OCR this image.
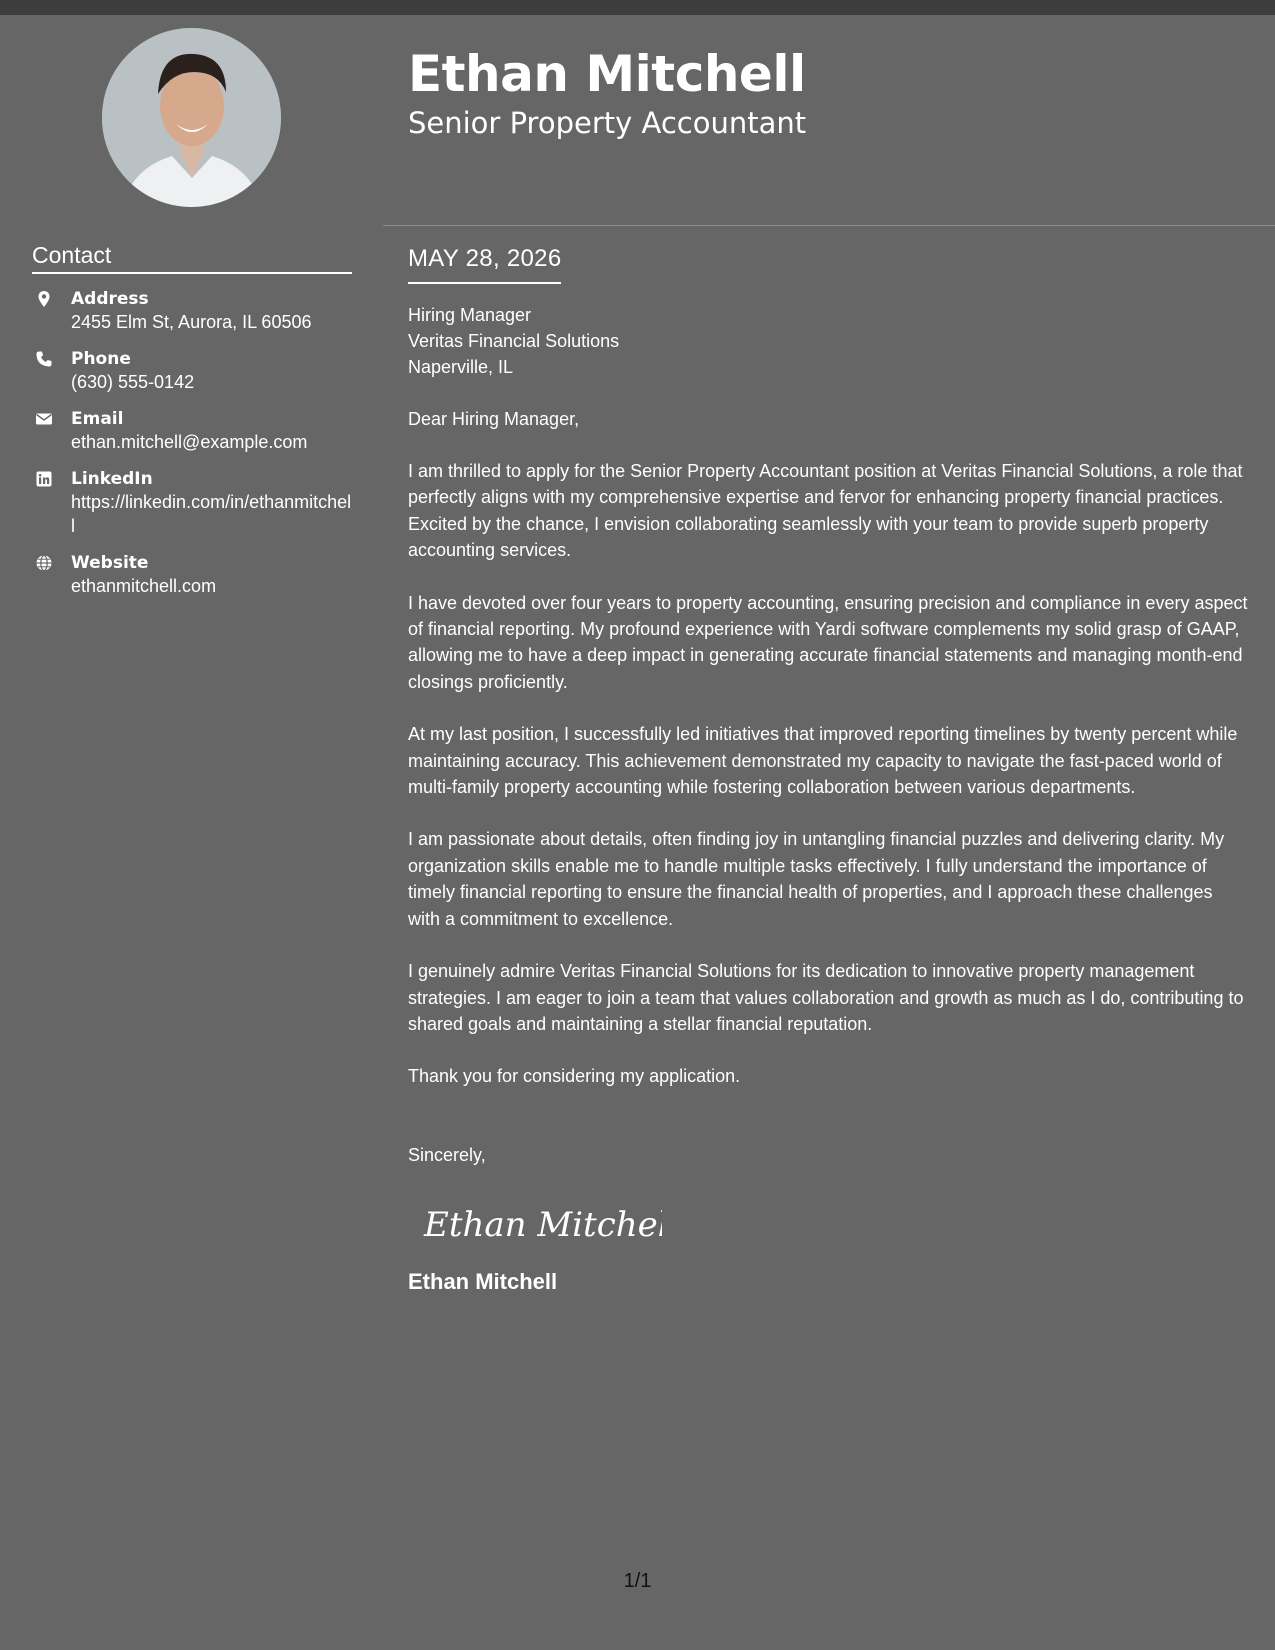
Ethan Mitchell
Senior Property Accountant
Contact
Address
2455 Elm St, Aurora, IL 60506
Phone
(630) 555-0142
Email
ethan.mitchell@example.com
LinkedIn
https://linkedin.com/in/ethanmitchell
Website
ethanmitchell.com
MAY 28, 2026
Hiring Manager
Veritas Financial Solutions
Naperville, IL
Dear Hiring Manager,
I am thrilled to apply for the Senior Property Accountant position at Veritas Financial Solutions, a role that perfectly aligns with my comprehensive expertise and fervor for enhancing property financial practices. Excited by the chance, I envision collaborating seamlessly with your team to provide superb property accounting services.
I have devoted over four years to property accounting, ensuring precision and compliance in every aspect of financial reporting. My profound experience with Yardi software complements my solid grasp of GAAP, allowing me to have a deep impact in generating accurate financial statements and managing month-end closings proficiently.
At my last position, I successfully led initiatives that improved reporting timelines by twenty percent while maintaining accuracy. This achievement demonstrated my capacity to navigate the fast-paced world of multi-family property accounting while fostering collaboration between various departments.
I am passionate about details, often finding joy in untangling financial puzzles and delivering clarity. My organization skills enable me to handle multiple tasks effectively. I fully understand the importance of timely financial reporting to ensure the financial health of properties, and I approach these challenges with a commitment to excellence.
I genuinely admire Veritas Financial Solutions for its dedication to innovative property management strategies. I am eager to join a team that values collaboration and growth as much as I do, contributing to shared goals and maintaining a stellar financial reputation.
Thank you for considering my application.
Sincerely,
Ethan Mitchell
Ethan Mitchell
1/1
